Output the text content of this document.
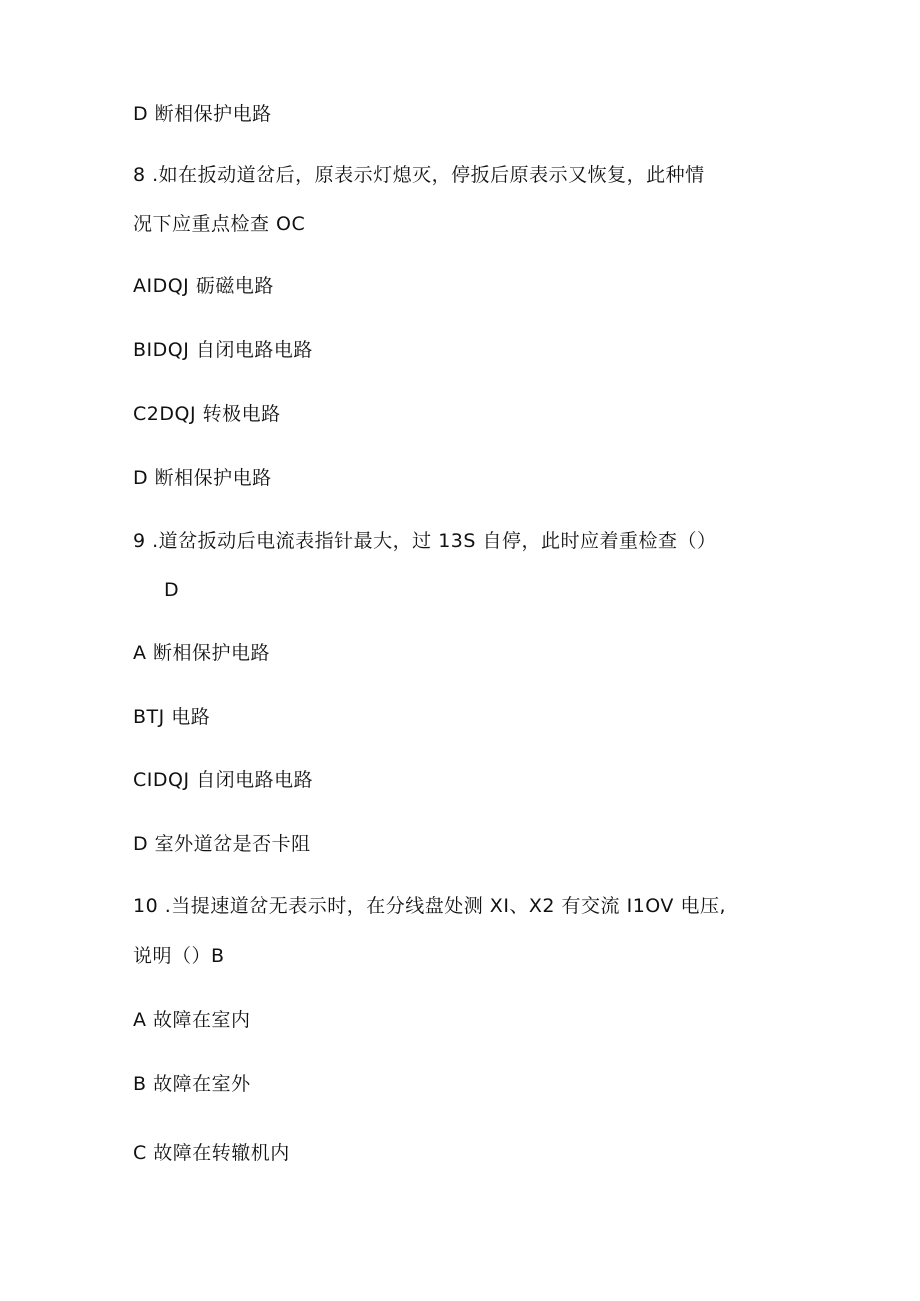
D 断相保护电路
8 .如在扳动道岔后，原表示灯熄灭，停扳后原表示又恢复，此种情
况下应重点检查 OC
AIDQJ 砺磁电路
BIDQJ 自闭电路电路
C2DQJ 转极电路
D 断相保护电路
9 .道岔扳动后电流表指针最大，过 13S 自停，此时应着重检查（）
D
A 断相保护电路
BTJ 电路
CIDQJ 自闭电路电路
D 室外道岔是否卡阻
10 .当提速道岔无表示时，在分线盘处测 XI、X2 有交流 I1OV 电压,
说明（）B
A 故障在室内
B 故障在室外
C 故障在转辙机内
